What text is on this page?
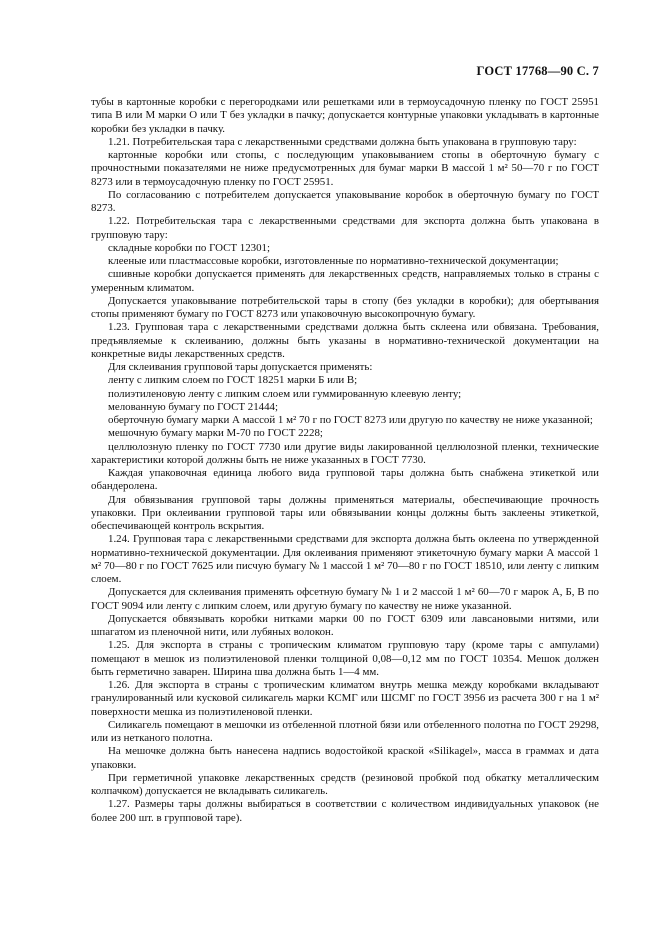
ГОСТ 17768—90 С. 7

тубы в картонные коробки с перегородками или решетками или в термоусадочную пленку по ГОСТ 25951 типа В или М марки О или Т без укладки в пачку; допускается контурные упаковки укладывать в картонные коробки без укладки в пачку.

1.21. Потребительская тара с лекарственными средствами должна быть упакована в групповую тару:

картонные коробки или стопы, с последующим упаковыванием стопы в оберточную бумагу с прочностными показателями не ниже предусмотренных для бумаг марки В массой 1 м² 50—70 г по ГОСТ 8273 или в термоусадочную пленку по ГОСТ 25951.

По согласованию с потребителем допускается упаковывание коробок в оберточную бумагу по ГОСТ 8273.

1.22. Потребительская тара с лекарственными средствами для экспорта должна быть упакована в групповую тару:

складные коробки по ГОСТ 12301;

клееные или пластмассовые коробки, изготовленные по нормативно-технической документации;

сшивные коробки допускается применять для лекарственных средств, направляемых только в страны с умеренным климатом.

Допускается упаковывание потребительской тары в стопу (без укладки в коробки); для обертывания стопы применяют бумагу по ГОСТ 8273 или упаковочную высокопрочную бумагу.

1.23. Групповая тара с лекарственными средствами должна быть склеена или обвязана. Требования, предъявляемые к склеиванию, должны быть указаны в нормативно-технической документации на конкретные виды лекарственных средств.

Для склеивания групповой тары допускается применять:

ленту с липким слоем по ГОСТ 18251 марки Б или В;

полиэтиленовую ленту с липким слоем или гуммированную клеевую ленту;

мелованную бумагу по ГОСТ 21444;

оберточную бумагу марки А массой 1 м² 70 г по ГОСТ 8273 или другую по качеству не ниже указанной;

мешочную бумагу марки М-70 по ГОСТ 2228;

целлюлозную пленку по ГОСТ 7730 или другие виды лакированной целлюлозной пленки, технические характеристики которой должны быть не ниже указанных в ГОСТ 7730.

Каждая упаковочная единица любого вида групповой тары должна быть снабжена этикеткой или обандеролена.

Для обвязывания групповой тары должны применяться материалы, обеспечивающие прочность упаковки. При оклеивании групповой тары или обвязывании концы должны быть заклеены этикеткой, обеспечивающей контроль вскрытия.

1.24. Групповая тара с лекарственными средствами для экспорта должна быть оклеена по утвержденной нормативно-технической документации. Для оклеивания применяют этикеточную бумагу марки А массой 1 м² 70—80 г по ГОСТ 7625 или писчую бумагу № 1 массой 1 м² 70—80 г по ГОСТ 18510, или ленту с липким слоем.

Допускается для склеивания применять офсетную бумагу № 1 и 2 массой 1 м² 60—70 г марок А, Б, В по ГОСТ 9094 или ленту с липким слоем, или другую бумагу по качеству не ниже указанной.

Допускается обвязывать коробки нитками марки 00 по ГОСТ 6309 или лавсановыми нитями, или шпагатом из пленочной нити, или лубяных волокон.

1.25. Для экспорта в страны с тропическим климатом групповую тару (кроме тары с ампулами) помещают в мешок из полиэтиленовой пленки толщиной 0,08—0,12 мм по ГОСТ 10354. Мешок должен быть герметично заварен. Ширина шва должна быть 1—4 мм.

1.26. Для экспорта в страны с тропическим климатом внутрь мешка между коробками вкладывают гранулированный или кусковой силикагель марки КСМГ или ШСМГ по ГОСТ 3956 из расчета 300 г на 1 м² поверхности мешка из полиэтиленовой пленки.

Силикагель помещают в мешочки из отбеленной плотной бязи или отбеленного полотна по ГОСТ 29298, или из нетканого полотна.

На мешочке должна быть нанесена надпись водостойкой краской «Silikagel», масса в граммах и дата упаковки.

При герметичной упаковке лекарственных средств (резиновой пробкой под обкатку металлическим колпачком) допускается не вкладывать силикагель.

1.27. Размеры тары должны выбираться в соответствии с количеством индивидуальных упаковок (не более 200 шт. в групповой таре).
